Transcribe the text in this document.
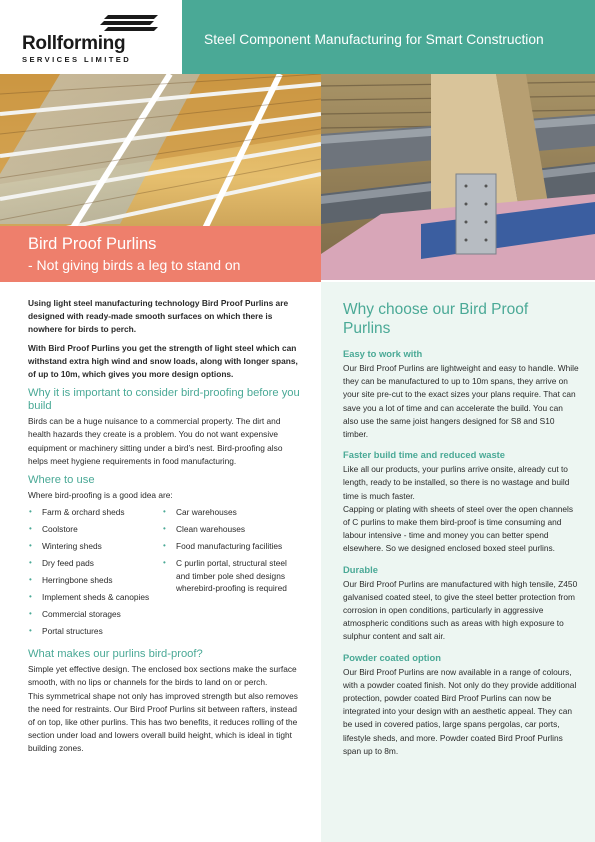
Rollforming
SERVICES LIMITED
Steel Component Manufacturing for Smart Construction
Bird Proof Purlins
- Not giving birds a leg to stand on

Using light steel manufacturing technology Bird Proof Purlins are designed with ready-made smooth surfaces on which there is nowhere for birds to perch.

With Bird Proof Purlins you get the strength of light steel which can withstand extra high wind and snow loads, along with longer spans, of up to 10m, which gives you more design options.

Why it is important to consider bird-proofing before you build

Birds can be a huge nuisance to a commercial property. The dirt and health hazards they create is a problem. You do not want expensive equipment or machinery sitting under a bird’s nest. Bird-proofing also helps meet hygiene requirements in food manufacturing.

Where to use

Where bird-proofing is a good idea are:

• Farm & orchard sheds
• Coolstore
• Wintering sheds
• Dry feed pads
• Herringbone sheds
• Implement sheds & canopies
• Commercial storages
• Portal structures
• Car warehouses
• Clean warehouses
• Food manufacturing facilities
• C purlin portal, structural steel and timber pole shed designs wherebird-proofing is required
What makes our purlins bird-proof?

Simple yet effective design. The enclosed box sections make the surface smooth, with no lips or channels for the birds to land on or perch.

This symmetrical shape not only has improved strength but also removes the need for restraints. Our Bird Proof Purlins sit between rafters, instead of on top, like other purlins. This has two benefits, it reduces rolling of the section under load and lowers overall build height, which is ideal in tight building zones.

Why choose our Bird Proof Purlins
Easy to work with

Our Bird Proof Purlins are lightweight and easy to handle. While they can be manufactured to up to 10m spans, they arrive on your site pre-cut to the exact sizes your plans require. That can save you a lot of time and can accelerate the build. You can also use the same joist hangers designed for S8 and S10 timber.

Faster build time and reduced waste

Like all our products, your purlins arrive onsite, already cut to length, ready to be installed, so there is no wastage and build time is much faster.

Capping or plating with sheets of steel over the open channels of C purlins to make them bird-proof is time consuming and labour intensive - time and money you can better spend elsewhere. So we designed enclosed boxed steel purlins.

Durable

Our Bird Proof Purlins are manufactured with high tensile, Z450 galvanised coated steel, to give the steel better protection from corrosion in open conditions, particularly in aggressive atmospheric conditions such as areas with high exposure to sulphur content and salt air.

Powder coated option

Our Bird Proof Purlins are now available in a range of colours, with a powder coated finish. Not only do they provide additional protection, powder coated Bird Proof Purlins can now be integrated into your design with an aesthetic appeal. They can be used in covered patios, large spans pergolas, car ports, lifestyle sheds, and more. Powder coated Bird Proof Purlins span up to 8m.
